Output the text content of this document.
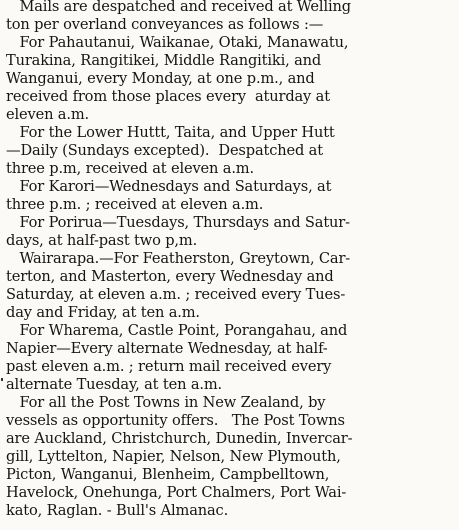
Mails are despatched and received at Welling
ton per overland conveyances as follows :—
For Pahautanui, Waikanae, Otaki, Manawatu,
Turakina, Rangitikei, Middle Rangitiki, and
Wanganui, every Monday, at one p.m., and
received from those places every  aturday at
eleven a.m.
For the Lower Huttt, Taita, and Upper Hutt
—Daily (Sundays excepted).  Despatched at
three p.m, received at eleven a.m.
For Karori—Wednesdays and Saturdays, at
three p.m. ; received at eleven a.m.
For Porirua—Tuesdays, Thursdays and Satur-
days, at half-past two p,m.
Wairarapa.—For Featherston, Greytown, Car-
terton, and Masterton, every Wednesday and
Saturday, at eleven a.m. ; received every Tues-
day and Friday, at ten a.m.
For Wharema, Castle Point, Porangahau, and
Napier—Every alternate Wednesday, at half-
past eleven a.m. ; return mail received every
alternate Tuesday, at ten a.m.
For all the Post Towns in New Zealand, by
vessels as opportunity offers.   The Post Towns
are Auckland, Christchurch, Dunedin, Invercar-
gill, Lyttelton, Napier, Nelson, New Plymouth,
Picton, Wanganui, Blenheim, Campbelltown,
Havelock, Onehunga, Port Chalmers, Port Wai-
kato, Raglan. - Bull's Almanac.
